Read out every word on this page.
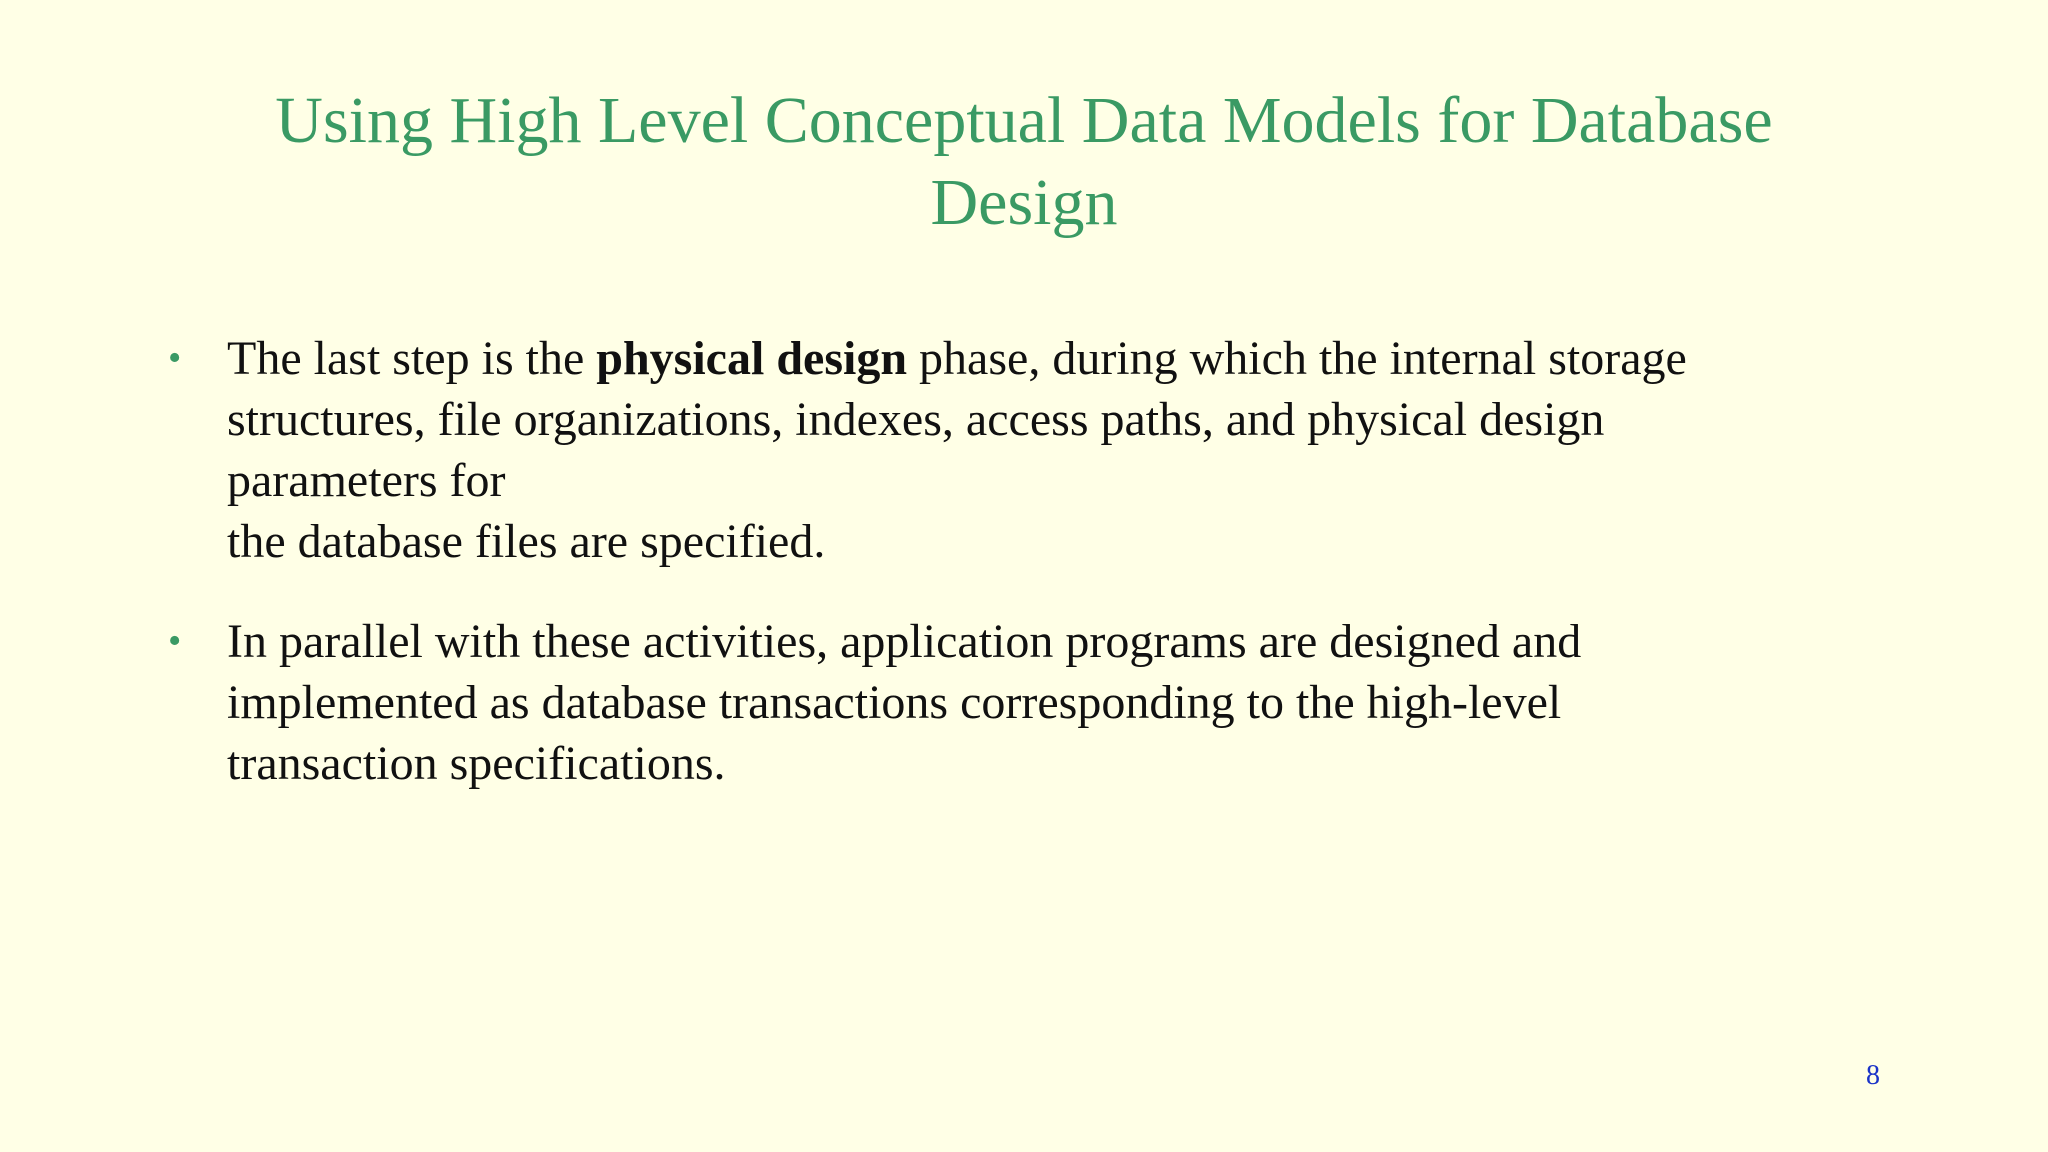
Using High Level Conceptual Data Models for Database
Design
• The last step is the physical design phase, during which the internal storage
structures, file organizations, indexes, access paths, and physical design
parameters for
the database files are specified.
• In parallel with these activities, application programs are designed and
implemented as database transactions corresponding to the high-level
transaction specifications.
8
